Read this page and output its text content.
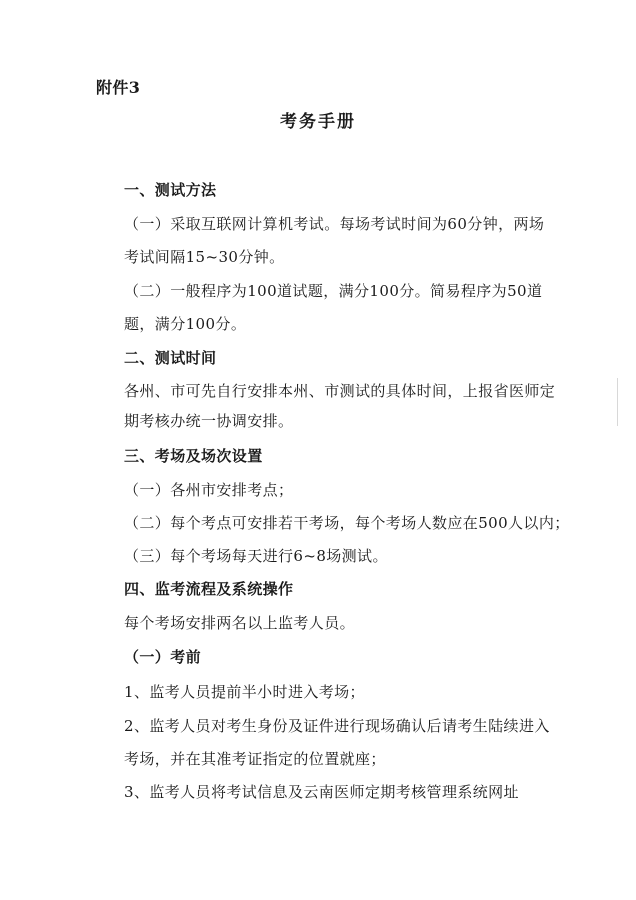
附件3
考务手册
一、测试方法
（一）采取互联网计算机考试。每场考试时间为60分钟，两场
考试间隔15~30分钟。
（二）一般程序为100道试题，满分100分。简易程序为50道
题，满分100分。
二、测试时间
各州、市可先自行安排本州、市测试的具体时间，上报省医师定
期考核办统一协调安排。
三、考场及场次设置
（一）各州市安排考点；
（二）每个考点可安排若干考场，每个考场人数应在500人以内；
（三）每个考场每天进行6~8场测试。
四、监考流程及系统操作
每个考场安排两名以上监考人员。
（一）考前
1、监考人员提前半小时进入考场；
2、监考人员对考生身份及证件进行现场确认后请考生陆续进入
考场，并在其准考证指定的位置就座；
3、监考人员将考试信息及云南医师定期考核管理系统网址
